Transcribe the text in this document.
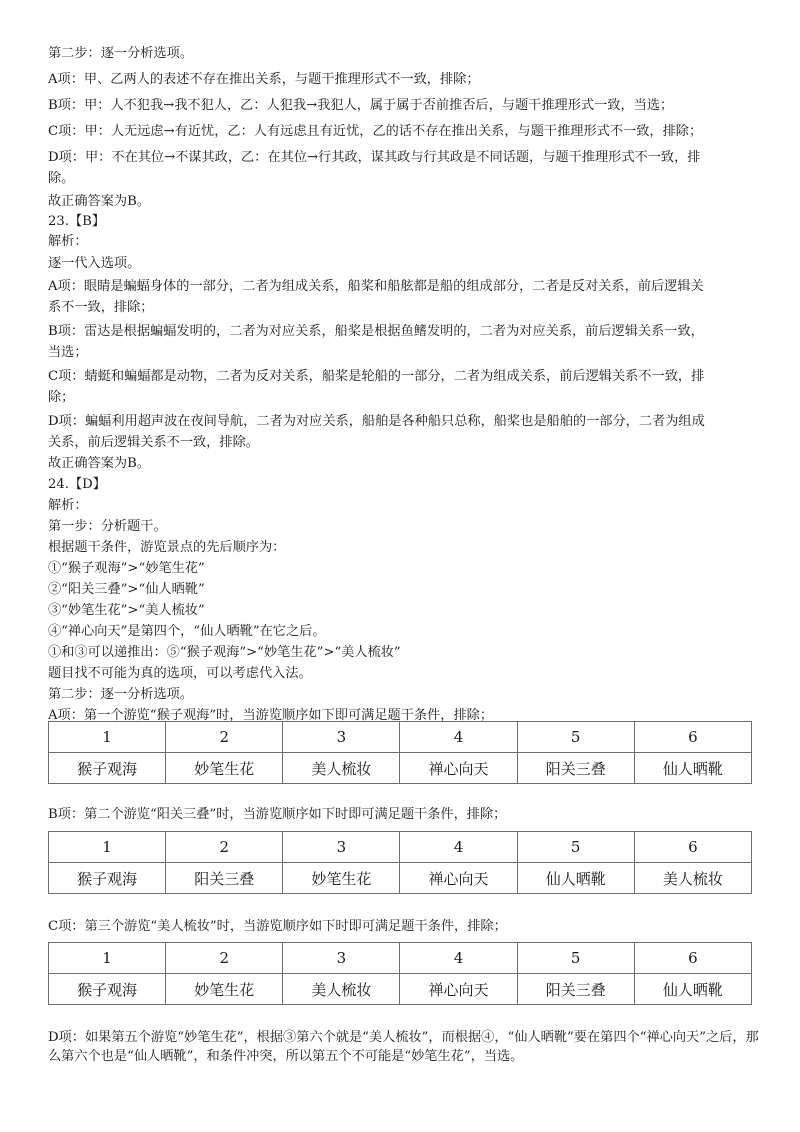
第二步：逐一分析选项。
A项：甲、乙两人的表述不存在推出关系，与题干推理形式不一致，排除；
B项：甲：人不犯我→我不犯人，乙：人犯我→我犯人，属于属于否前推否后，与题干推理形式一致，当选；
C项：甲：人无远虑→有近忧，乙：人有远虑且有近忧，乙的话不存在推出关系，与题干推理形式不一致，排除；
D项：甲：不在其位→不谋其政，乙：在其位→行其政，谋其政与行其政是不同话题，与题干推理形式不一致，排
除。
故正确答案为B。
23.【B】
解析：
逐一代入选项。
A项：眼睛是蝙蝠身体的一部分，二者为组成关系，船桨和船舷都是船的组成部分，二者是反对关系，前后逻辑关
系不一致，排除；
B项：雷达是根据蝙蝠发明的，二者为对应关系，船桨是根据鱼鳍发明的，二者为对应关系，前后逻辑关系一致，
当选；
C项：蜻蜓和蝙蝠都是动物，二者为反对关系，船桨是轮船的一部分，二者为组成关系，前后逻辑关系不一致，排
除；
D项：蝙蝠利用超声波在夜间导航，二者为对应关系，船舶是各种船只总称，船桨也是船舶的一部分，二者为组成
关系，前后逻辑关系不一致，排除。
故正确答案为B。
24.【D】
解析：
第一步：分析题干。
根据题干条件，游览景点的先后顺序为：
①“猴子观海”>“妙笔生花”
②“阳关三叠”>“仙人晒靴”
③“妙笔生花”>“美人梳妆”
④“禅心向天”是第四个，“仙人晒靴”在它之后。
①和③可以递推出：⑤“猴子观海”>“妙笔生花”>“美人梳妆”
题目找不可能为真的选项，可以考虑代入法。
第二步：逐一分析选项。
A项：第一个游览“猴子观海”时，当游览顺序如下即可满足题干条件，排除；
1	2	3	4	5	6
猴子观海	妙笔生花	美人梳妆	禅心向天	阳关三叠	仙人晒靴
B项：第二个游览“阳关三叠”时，当游览顺序如下时即可满足题干条件，排除；
1	2	3	4	5	6
猴子观海	阳关三叠	妙笔生花	禅心向天	仙人晒靴	美人梳妆
C项：第三个游览“美人梳妆”时，当游览顺序如下时即可满足题干条件，排除；
1	2	3	4	5	6
猴子观海	妙笔生花	美人梳妆	禅心向天	阳关三叠	仙人晒靴
D项：如果第五个游览“妙笔生花”，根据③第六个就是“美人梳妆”，而根据④，“仙人晒靴”要在第四个“禅心向天”之后，那么第六个也是“仙人晒靴”，和条件冲突，所以第五个不可能是“妙笔生花”，当选。
